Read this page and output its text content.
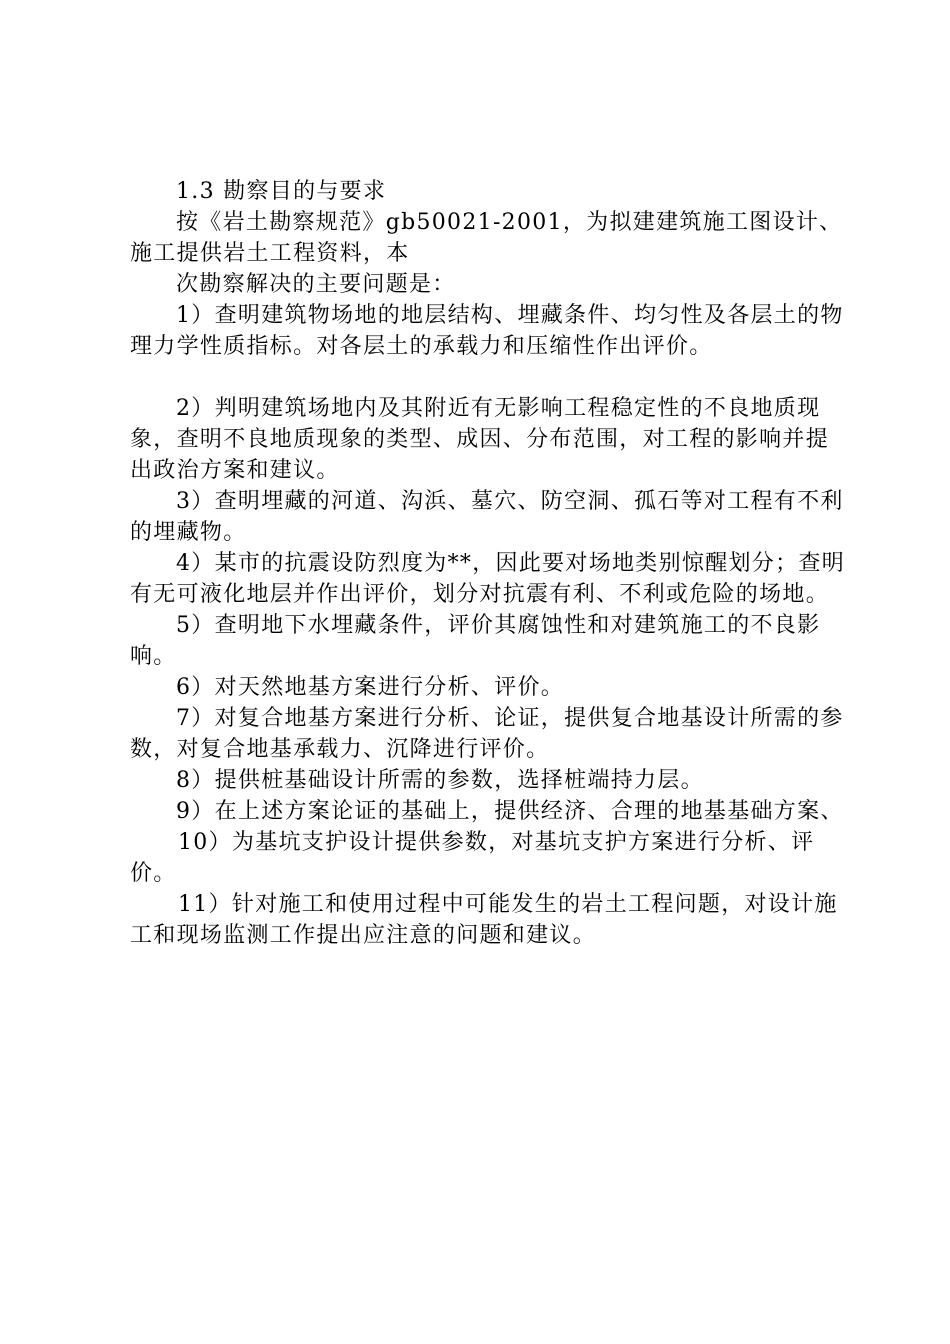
1.3 勘察目的与要求

按《岩土勘察规范》gb50021-2001，为拟建建筑施工图设计、施工提供岩土工程资料，本

次勘察解决的主要问题是：

1）查明建筑物场地的地层结构、埋藏条件、均匀性及各层土的物理力学性质指标。对各层土的承载力和压缩性作出评价。

2）判明建筑场地内及其附近有无影响工程稳定性的不良地质现象，查明不良地质现象的类型、成因、分布范围，对工程的影响并提出政治方案和建议。

3）查明埋藏的河道、沟浜、墓穴、防空洞、孤石等对工程有不利的埋藏物。

4）某市的抗震设防烈度为**，因此要对场地类别惊醒划分；查明有无可液化地层并作出评价，划分对抗震有利、不利或危险的场地。

5）查明地下水埋藏条件，评价其腐蚀性和对建筑施工的不良影响。

6）对天然地基方案进行分析、评价。

7）对复合地基方案进行分析、论证，提供复合地基设计所需的参数，对复合地基承载力、沉降进行评价。

8）提供桩基础设计所需的参数，选择桩端持力层。

9）在上述方案论证的基础上，提供经济、合理的地基基础方案、

10）为基坑支护设计提供参数，对基坑支护方案进行分析、评价。

11）针对施工和使用过程中可能发生的岩土工程问题，对设计施工和现场监测工作提出应注意的问题和建议。
